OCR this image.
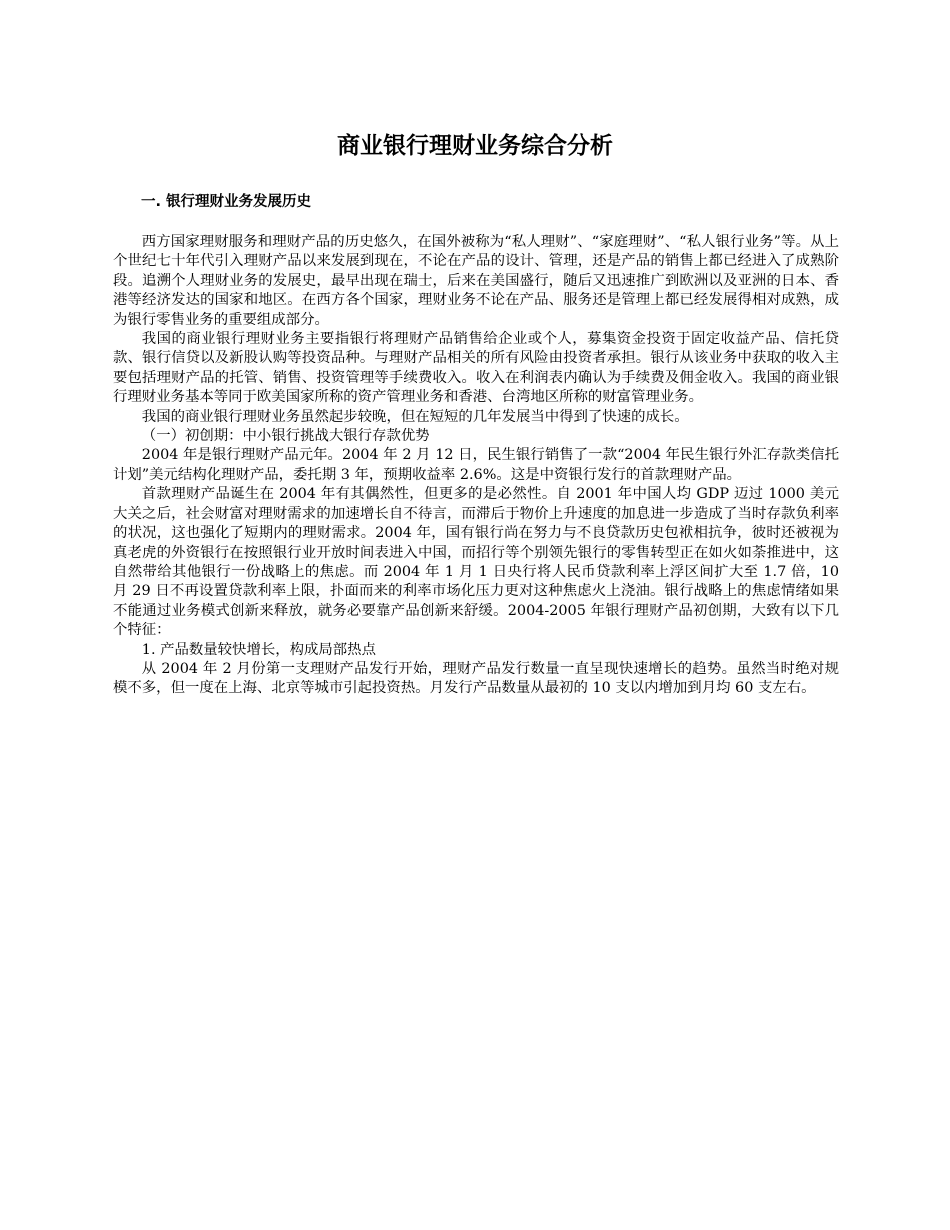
商业银行理财业务综合分析
一. 银行理财业务发展历史

西方国家理财服务和理财产品的历史悠久，在国外被称为“私人理财”、“家庭理财”、“私人银行业务”等。从上个世纪七十年代引入理财产品以来发展到现在，不论在产品的设计、管理，还是产品的销售上都已经进入了成熟阶段。追溯个人理财业务的发展史，最早出现在瑞士，后来在美国盛行，随后又迅速推广到欧洲以及亚洲的日本、香港等经济发达的国家和地区。在西方各个国家，理财业务不论在产品、服务还是管理上都已经发展得相对成熟，成为银行零售业务的重要组成部分。

我国的商业银行理财业务主要指银行将理财产品销售给企业或个人，募集资金投资于固定收益产品、信托贷款、银行信贷以及新股认购等投资品种。与理财产品相关的所有风险由投资者承担。银行从该业务中获取的收入主要包括理财产品的托管、销售、投资管理等手续费收入。收入在利润表内确认为手续费及佣金收入。我国的商业银行理财业务基本等同于欧美国家所称的资产管理业务和香港、台湾地区所称的财富管理业务。

我国的商业银行理财业务虽然起步较晚，但在短短的几年发展当中得到了快速的成长。

（一）初创期：中小银行挑战大银行存款优势

2004 年是银行理财产品元年。2004 年 2 月 12 日，民生银行销售了一款“2004 年民生银行外汇存款类信托计划”美元结构化理财产品，委托期 3 年，预期收益率 2.6%。这是中资银行发行的首款理财产品。

首款理财产品诞生在 2004 年有其偶然性，但更多的是必然性。自 2001 年中国人均 GDP 迈过 1000 美元大关之后，社会财富对理财需求的加速增长自不待言，而滞后于物价上升速度的加息进一步造成了当时存款负利率的状况，这也强化了短期内的理财需求。2004 年，国有银行尚在努力与不良贷款历史包袱相抗争，彼时还被视为真老虎的外资银行在按照银行业开放时间表进入中国，而招行等个别领先银行的零售转型正在如火如荼推进中，这自然带给其他银行一份战略上的焦虑。而 2004 年 1 月 1 日央行将人民币贷款利率上浮区间扩大至 1.7 倍，10 月 29 日不再设置贷款利率上限，扑面而来的利率市场化压力更对这种焦虑火上浇油。银行战略上的焦虑情绪如果不能通过业务模式创新来释放，就务必要靠产品创新来舒缓。2004-2005 年银行理财产品初创期，大致有以下几个特征：

1. 产品数量较快增长，构成局部热点

从 2004 年 2 月份第一支理财产品发行开始，理财产品发行数量一直呈现快速增长的趋势。虽然当时绝对规模不多，但一度在上海、北京等城市引起投资热。月发行产品数量从最初的 10 支以内增加到月均 60 支左右。
